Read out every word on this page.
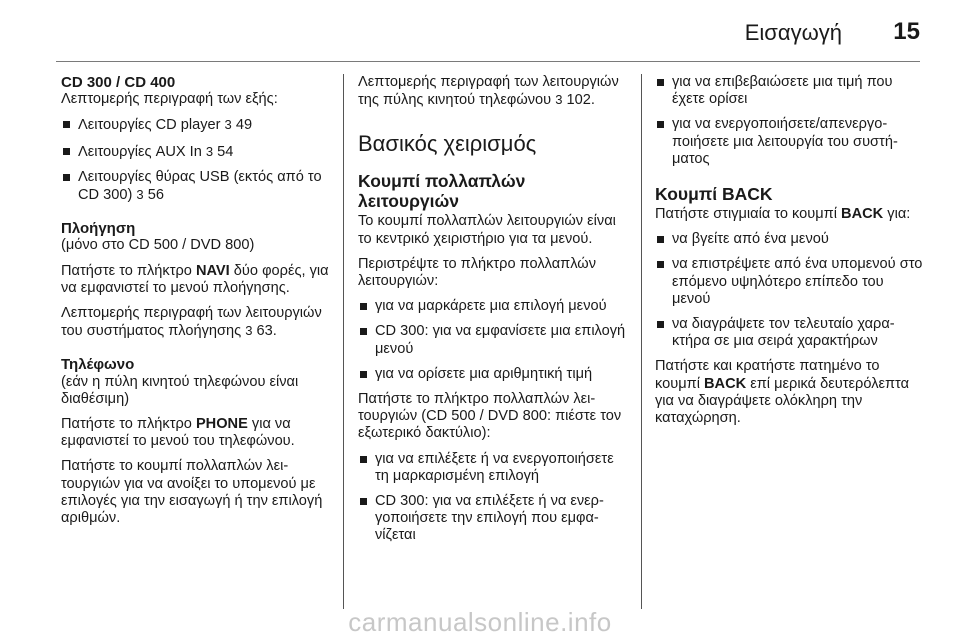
Εισαγωγή 15

CD 300 / CD 400

Λεπτομερής περιγραφή των εξής:

Λειτουργίες CD player 3 49
Λειτουργίες AUX In 3 54
Λειτουργίες θύρας USB (εκτός από το CD 300) 3 56

Πλοήγηση

(μόνο στο CD 500 / DVD 800)

Πατήστε το πλήκτρο NAVI δύο φορές, για να εμφανιστεί το μενού πλοήγησης.

Λεπτομερής περιγραφή των λειτουργιών του συστήματος πλοήγησης 3 63.

Τηλέφωνο

(εάν η πύλη κινητού τηλεφώνου είναι διαθέσιμη)

Πατήστε το πλήκτρο PHONE για να εμφανιστεί το μενού του τηλεφώνου.

Πατήστε το κουμπί πολλαπλών λειτουργιών για να ανοίξει το υπομενού με επιλογές για την εισαγωγή ή την επιλογή αριθμών.

Λεπτομερής περιγραφή των λειτουργιών της πύλης κινητού τηλεφώνου 3 102.

Βασικός χειρισμός
Κουμπί πολλαπλών λειτουργιών

Το κουμπί πολλαπλών λειτουργιών είναι το κεντρικό χειριστήριο για τα μενού.

Περιστρέψτε το πλήκτρο πολλαπλών λειτουργιών:

για να μαρκάρετε μια επιλογή μενού
CD 300: για να εμφανίσετε μια επιλογή μενού
για να ορίσετε μια αριθμητική τιμή

Πατήστε το πλήκτρο πολλαπλών λειτουργιών (CD 500 / DVD 800: πιέστε τον εξωτερικό δακτύλιο):

για να επιλέξετε ή να ενεργοποιήσετε τη μαρκαρισμένη επιλογή
CD 300: για να επιλέξετε ή να ενεργοποιήσετε την επιλογή που εμφανίζεται
για να επιβεβαιώσετε μια τιμή που έχετε ορίσει
για να ενεργοποιήσετε/απενεργοποιήσετε μια λειτουργία του συστήματος
Κουμπί BACK

Πατήστε στιγμιαία το κουμπί BACK για:

να βγείτε από ένα μενού
να επιστρέψετε από ένα υπομενού στο επόμενο υψηλότερο επίπεδο του μενού
να διαγράψετε τον τελευταίο χαρακτήρα σε μια σειρά χαρακτήρων

Πατήστε και κρατήστε πατημένο το κουμπί BACK επί μερικά δευτερόλεπτα για να διαγράψετε ολόκληρη την καταχώρηση.

carmanualsonline.info
